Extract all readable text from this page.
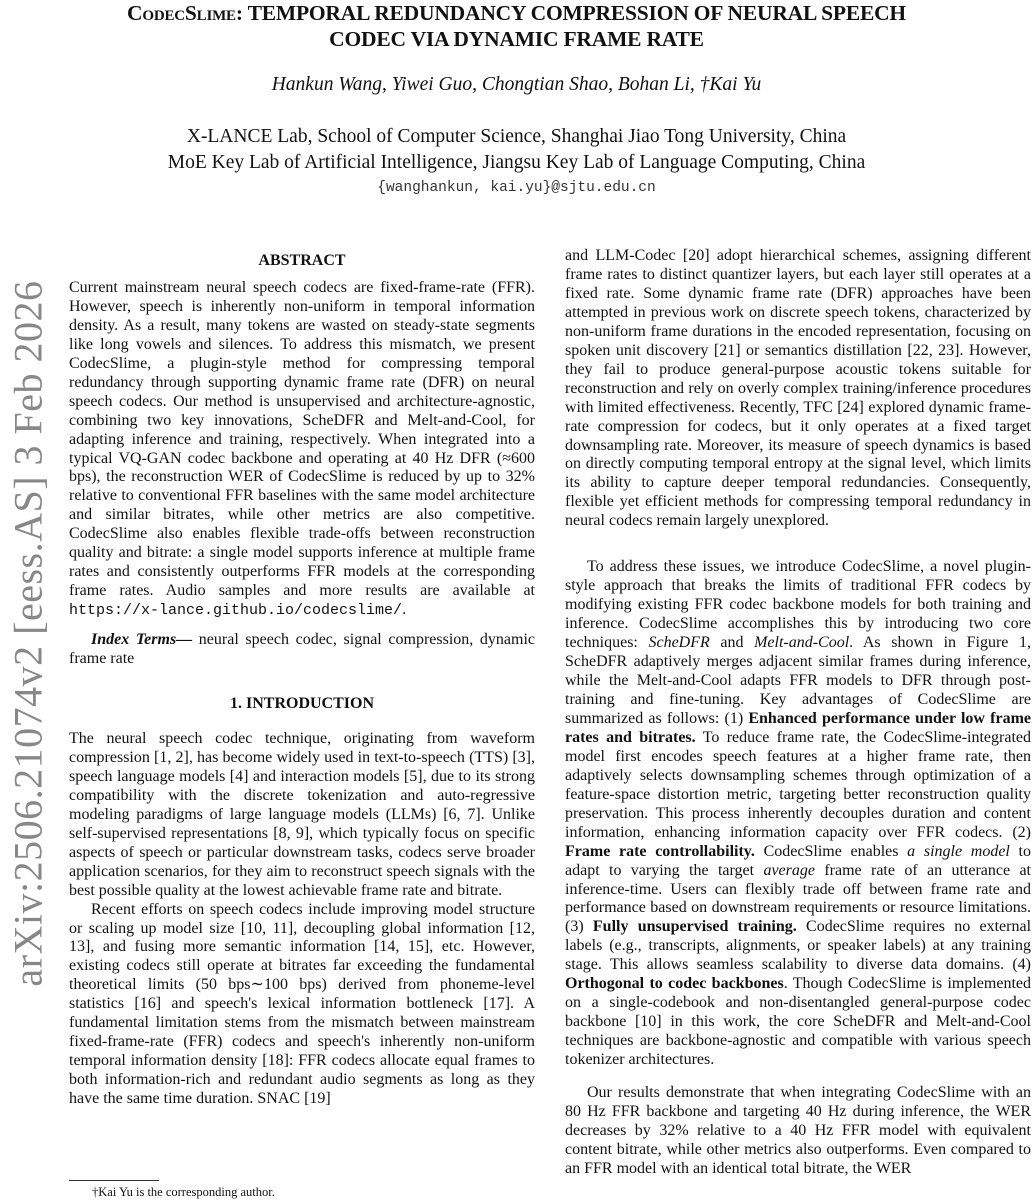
arXiv:2506.21074v2 [eess.AS] 3 Feb 2026
CodecSlime: TEMPORAL REDUNDANCY COMPRESSION OF NEURAL SPEECH
CODEC VIA DYNAMIC FRAME RATE
Hankun Wang, Yiwei Guo, Chongtian Shao, Bohan Li, †Kai Yu
X-LANCE Lab, School of Computer Science, Shanghai Jiao Tong University, China
MoE Key Lab of Artificial Intelligence, Jiangsu Key Lab of Language Computing, China
{wanghankun, kai.yu}@sjtu.edu.cn

ABSTRACT

Current mainstream neural speech codecs are fixed-frame-rate (FFR). However, speech is inherently non-uniform in temporal information density. As a result, many tokens are wasted on steady-state segments like long vowels and silences. To address this mismatch, we present CodecSlime, a plugin-style method for compressing temporal redundancy through supporting dynamic frame rate (DFR) on neural speech codecs. Our method is unsupervised and architecture-agnostic, combining two key innovations, ScheDFR and Melt-and-Cool, for adapting inference and training, respectively. When integrated into a typical VQ-GAN codec backbone and operating at 40 Hz DFR (≈600 bps), the reconstruction WER of CodecSlime is reduced by up to 32% relative to conventional FFR baselines with the same model architecture and similar bitrates, while other metrics are also competitive. CodecSlime also enables flexible trade-offs between reconstruction quality and bitrate: a single model supports inference at multiple frame rates and consistently outperforms FFR models at the corresponding frame rates. Audio samples and more results are available at https://x-lance.github.io/codecslime/.

Index Terms— neural speech codec, signal compression, dynamic frame rate

1. INTRODUCTION

The neural speech codec technique, originating from waveform compression [1, 2], has become widely used in text-to-speech (TTS) [3], speech language models [4] and interaction models [5], due to its strong compatibility with the discrete tokenization and auto-regressive modeling paradigms of large language models (LLMs) [6, 7]. Unlike self-supervised representations [8, 9], which typically focus on specific aspects of speech or particular downstream tasks, codecs serve broader application scenarios, for they aim to reconstruct speech signals with the best possible quality at the lowest achievable frame rate and bitrate.

Recent efforts on speech codecs include improving model structure or scaling up model size [10, 11], decoupling global information [12, 13], and fusing more semantic information [14, 15], etc. However, existing codecs still operate at bitrates far exceeding the fundamental theoretical limits (50 bps∼100 bps) derived from phoneme-level statistics [16] and speech's lexical information bottleneck [17]. A fundamental limitation stems from the mismatch between mainstream fixed-frame-rate (FFR) codecs and speech's inherently non-uniform temporal information density [18]: FFR codecs allocate equal frames to both information-rich and redundant audio segments as long as they have the same time duration. SNAC [19]

and LLM-Codec [20] adopt hierarchical schemes, assigning different frame rates to distinct quantizer layers, but each layer still operates at a fixed rate. Some dynamic frame rate (DFR) approaches have been attempted in previous work on discrete speech tokens, characterized by non-uniform frame durations in the encoded representation, focusing on spoken unit discovery [21] or semantics distillation [22, 23]. However, they fail to produce general-purpose acoustic tokens suitable for reconstruction and rely on overly complex training/inference procedures with limited effectiveness. Recently, TFC [24] explored dynamic frame-rate compression for codecs, but it only operates at a fixed target downsampling rate. Moreover, its measure of speech dynamics is based on directly computing temporal entropy at the signal level, which limits its ability to capture deeper temporal redundancies. Consequently, flexible yet efficient methods for compressing temporal redundancy in neural codecs remain largely unexplored.

To address these issues, we introduce CodecSlime, a novel plugin-style approach that breaks the limits of traditional FFR codecs by modifying existing FFR codec backbone models for both training and inference. CodecSlime accomplishes this by introducing two core techniques: ScheDFR and Melt-and-Cool. As shown in Figure 1, ScheDFR adaptively merges adjacent similar frames during inference, while the Melt-and-Cool adapts FFR models to DFR through post-training and fine-tuning. Key advantages of CodecSlime are summarized as follows: (1) Enhanced performance under low frame rates and bitrates. To reduce frame rate, the CodecSlime-integrated model first encodes speech features at a higher frame rate, then adaptively selects downsampling schemes through optimization of a feature-space distortion metric, targeting better reconstruction quality preservation. This process inherently decouples duration and content information, enhancing information capacity over FFR codecs. (2) Frame rate controllability. CodecSlime enables a single model to adapt to varying the target average frame rate of an utterance at inference-time. Users can flexibly trade off between frame rate and performance based on downstream requirements or resource limitations. (3) Fully unsupervised training. CodecSlime requires no external labels (e.g., transcripts, alignments, or speaker labels) at any training stage. This allows seamless scalability to diverse data domains. (4) Orthogonal to codec backbones. Though CodecSlime is implemented on a single-codebook and non-disentangled general-purpose codec backbone [10] in this work, the core ScheDFR and Melt-and-Cool techniques are backbone-agnostic and compatible with various speech tokenizer architectures.

Our results demonstrate that when integrating CodecSlime with an 80 Hz FFR backbone and targeting 40 Hz during inference, the WER decreases by 32% relative to a 40 Hz FFR model with equivalent content bitrate, while other metrics also outperforms. Even compared to an FFR model with an identical total bitrate, the WER

†Kai Yu is the corresponding author.
